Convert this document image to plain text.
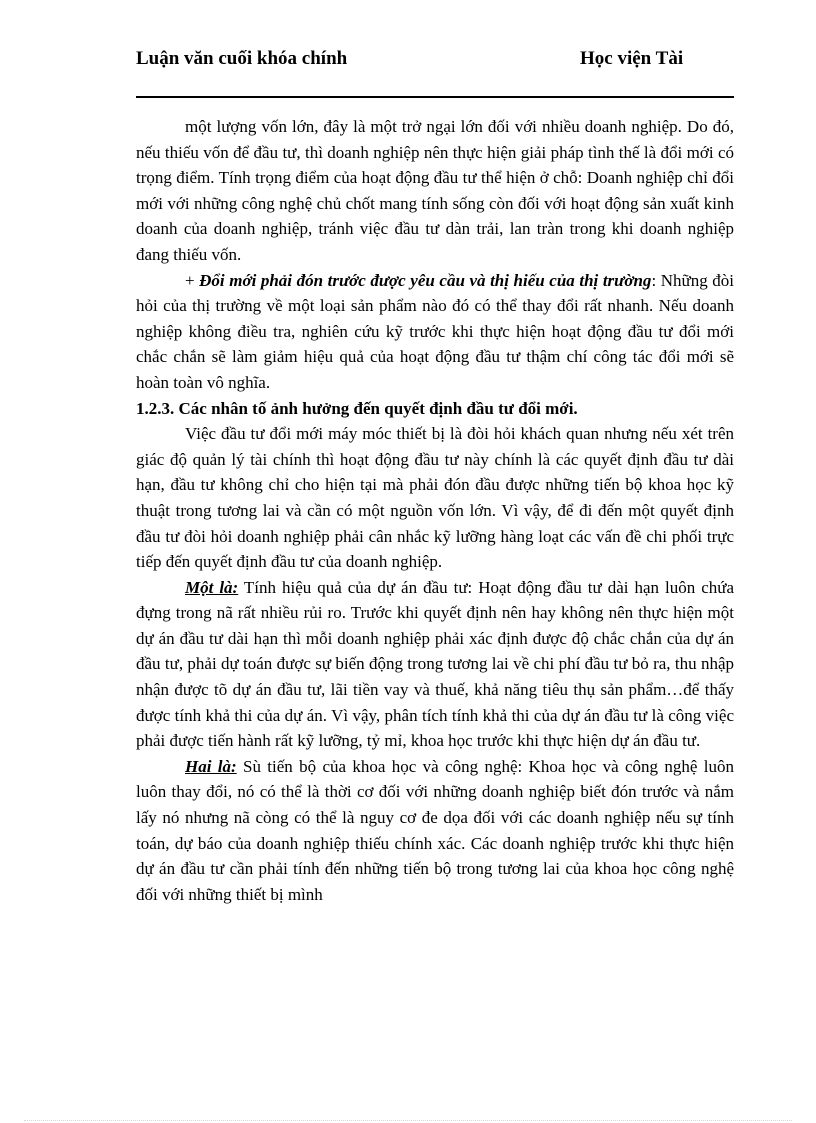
Luận văn cuối khóa chính	Học viện Tài

một lượng vốn lớn, đây là một trở ngại lớn đối với nhiều doanh nghiệp. Do đó, nếu thiếu vốn để đầu tư, thì doanh nghiệp nên thực hiện giải pháp tình thế là đổi mới có trọng điểm. Tính trọng điểm của hoạt động đầu tư thể hiện ở chỗ: Doanh nghiệp chỉ đổi mới với những công nghệ chủ chốt mang tính sống còn đối với hoạt động sản xuất kinh doanh của doanh nghiệp, tránh việc đầu tư dàn trải, lan tràn trong khi doanh nghiệp đang thiếu vốn.

+ Đổi mới phải đón trước được yêu cầu và thị hiếu của thị trường: Những đòi hỏi của thị trường về một loại sản phẩm nào đó có thể thay đổi rất nhanh. Nếu doanh nghiệp không điều tra, nghiên cứu kỹ trước khi thực hiện hoạt động đầu tư đổi mới chắc chắn sẽ làm giảm hiệu quả của hoạt động đầu tư thậm chí công tác đổi mới sẽ hoàn toàn vô nghĩa.

1.2.3. Các nhân tố ảnh hưởng đến quyết định đầu tư đổi mới.

Việc đầu tư đổi mới máy móc thiết bị là đòi hỏi khách quan nhưng nếu xét trên giác độ quản lý tài chính thì hoạt động đầu tư này chính là các quyết định đầu tư dài hạn, đầu tư không chỉ cho hiện tại mà phải đón đầu được những tiến bộ khoa học kỹ thuật trong tương lai và cần có một nguồn vốn lớn. Vì vậy, để đi đến một quyết định đầu tư đòi hỏi doanh nghiệp phải cân nhắc kỹ lưỡng hàng loạt các vấn đề chi phối trực tiếp đến quyết định đầu tư của doanh nghiệp.

Một là: Tính hiệu quả của dự án đầu tư: Hoạt động đầu tư dài hạn luôn chứa đựng trong nã rất nhiều rủi ro. Trước khi quyết định nên hay không nên thực hiện một dự án đầu tư dài hạn thì mỗi doanh nghiệp phải xác định được độ chắc chắn của dự án đầu tư, phải dự toán được sự biến động trong tương lai về chi phí đầu tư bỏ ra, thu nhập nhận được tõ dự án đầu tư, lãi tiền vay và thuế, khả năng tiêu thụ sản phẩm…để thấy được tính khả thi của dự án. Vì vậy, phân tích tính khả thi của dự án đầu tư là công việc phải được tiến hành rất kỹ lưỡng, tỷ mỉ, khoa học trước khi thực hiện dự án đầu tư.

Hai là: Sù tiến bộ của khoa học và công nghệ: Khoa học và công nghệ luôn luôn thay đổi, nó có thể là thời cơ đối với những doanh nghiệp biết đón trước và nắm lấy nó nhưng nã còng có thể là nguy cơ đe dọa đối với các doanh nghiệp nếu sự tính toán, dự báo của doanh nghiệp thiếu chính xác. Các doanh nghiệp trước khi thực hiện dự án đầu tư cần phải tính đến những tiến bộ trong tương lai của khoa học công nghệ đối với những thiết bị mình
